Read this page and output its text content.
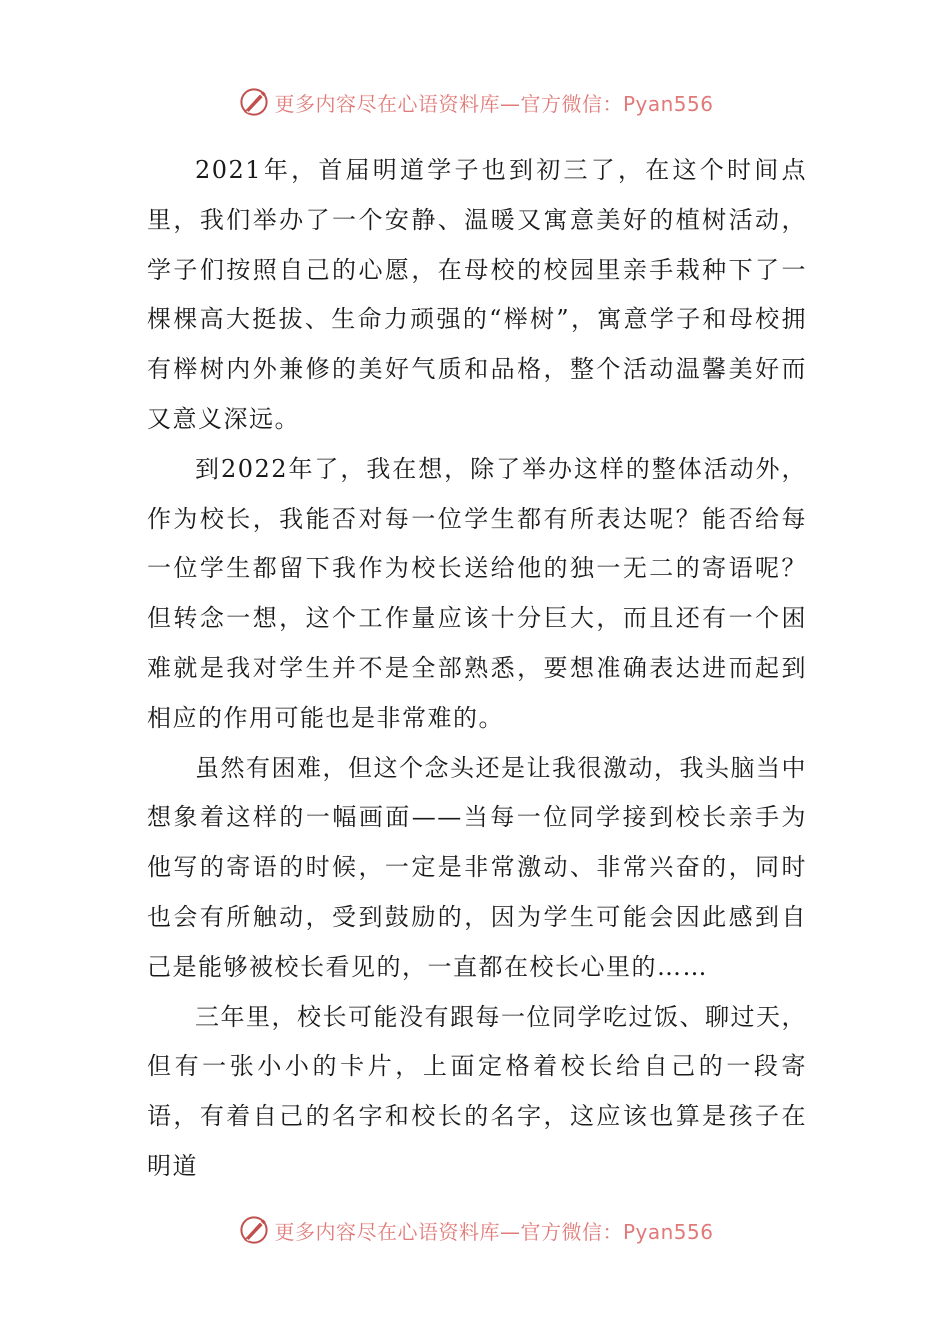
更多内容尽在心语资料库—官方微信：Pyan556

2021年，首届明道学子也到初三了，在这个时间点里，我们举办了一个安静、温暖又寓意美好的植树活动，学子们按照自己的心愿，在母校的校园里亲手栽种下了一棵棵高大挺拔、生命力顽强的“榉树”，寓意学子和母校拥有榉树内外兼修的美好气质和品格，整个活动温馨美好而又意义深远。

到2022年了，我在想，除了举办这样的整体活动外，作为校长，我能否对每一位学生都有所表达呢？能否给每一位学生都留下我作为校长送给他的独一无二的寄语呢？但转念一想，这个工作量应该十分巨大，而且还有一个困难就是我对学生并不是全部熟悉，要想准确表达进而起到相应的作用可能也是非常难的。

虽然有困难，但这个念头还是让我很激动，我头脑当中想象着这样的一幅画面——当每一位同学接到校长亲手为他写的寄语的时候，一定是非常激动、非常兴奋的，同时也会有所触动，受到鼓励的，因为学生可能会因此感到自己是能够被校长看见的，一直都在校长心里的……

三年里，校长可能没有跟每一位同学吃过饭、聊过天，但有一张小小的卡片，上面定格着校长给自己的一段寄语，有着自己的名字和校长的名字，这应该也算是孩子在明道

更多内容尽在心语资料库—官方微信：Pyan556
